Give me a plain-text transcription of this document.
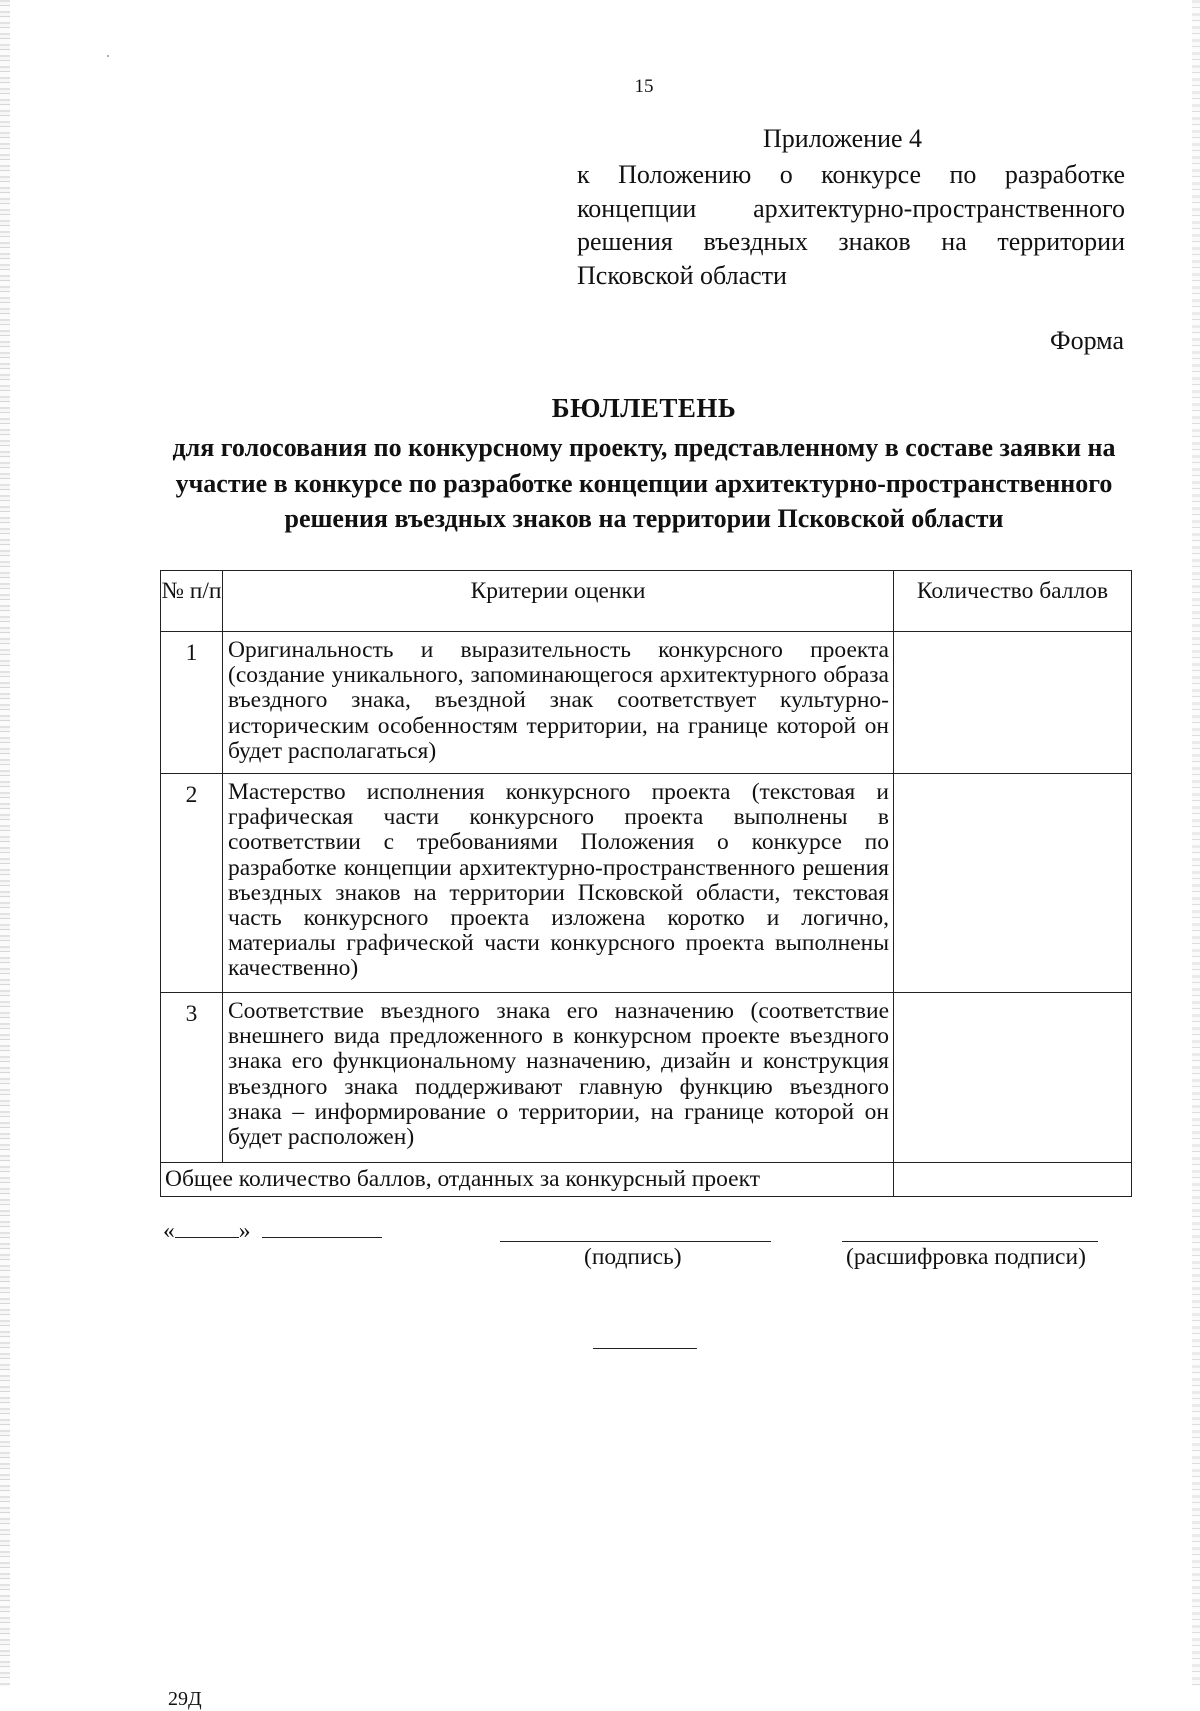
15
Приложение 4
к Положению о конкурсе по разработке концепции архитектурно-пространственного решения въездных знаков на территории Псковской области
Форма
БЮЛЛЕТЕНЬ
для голосования по конкурсному проекту, представленному в составе заявки на участие в конкурсе по разработке концепции архитектурно-пространственного решения въездных знаков на территории Псковской области
№ п/п	Критерии оценки	Количество баллов
1	Оригинальность и выразительность конкурсного проекта (создание уникального, запоминающегося архитектурного образа въездного знака, въездной знак соответствует культурно-историческим особенностям территории, на границе которой он будет располагаться)	
2	Мастерство исполнения конкурсного проекта (текстовая и графическая части конкурсного проекта выполнены в соответствии с требованиями Положения о конкурсе по разработке концепции архитектурно-пространственного решения въездных знаков на территории Псковской области, текстовая часть конкурсного проекта изложена коротко и логично, материалы графической части конкурсного проекта выполнены качественно)	
3	Соответствие въездного знака его назначению (соответствие внешнего вида предложенного в конкурсном проекте въездного знака его функциональному назначению, дизайн и конструкция въездного знака поддерживают главную функцию въездного знака – информирование о территории, на границе которой он будет расположен)	
Общее количество баллов, отданных за конкурсный проект		
«	»
(подпись)	(расшифровка подписи)
29Д
